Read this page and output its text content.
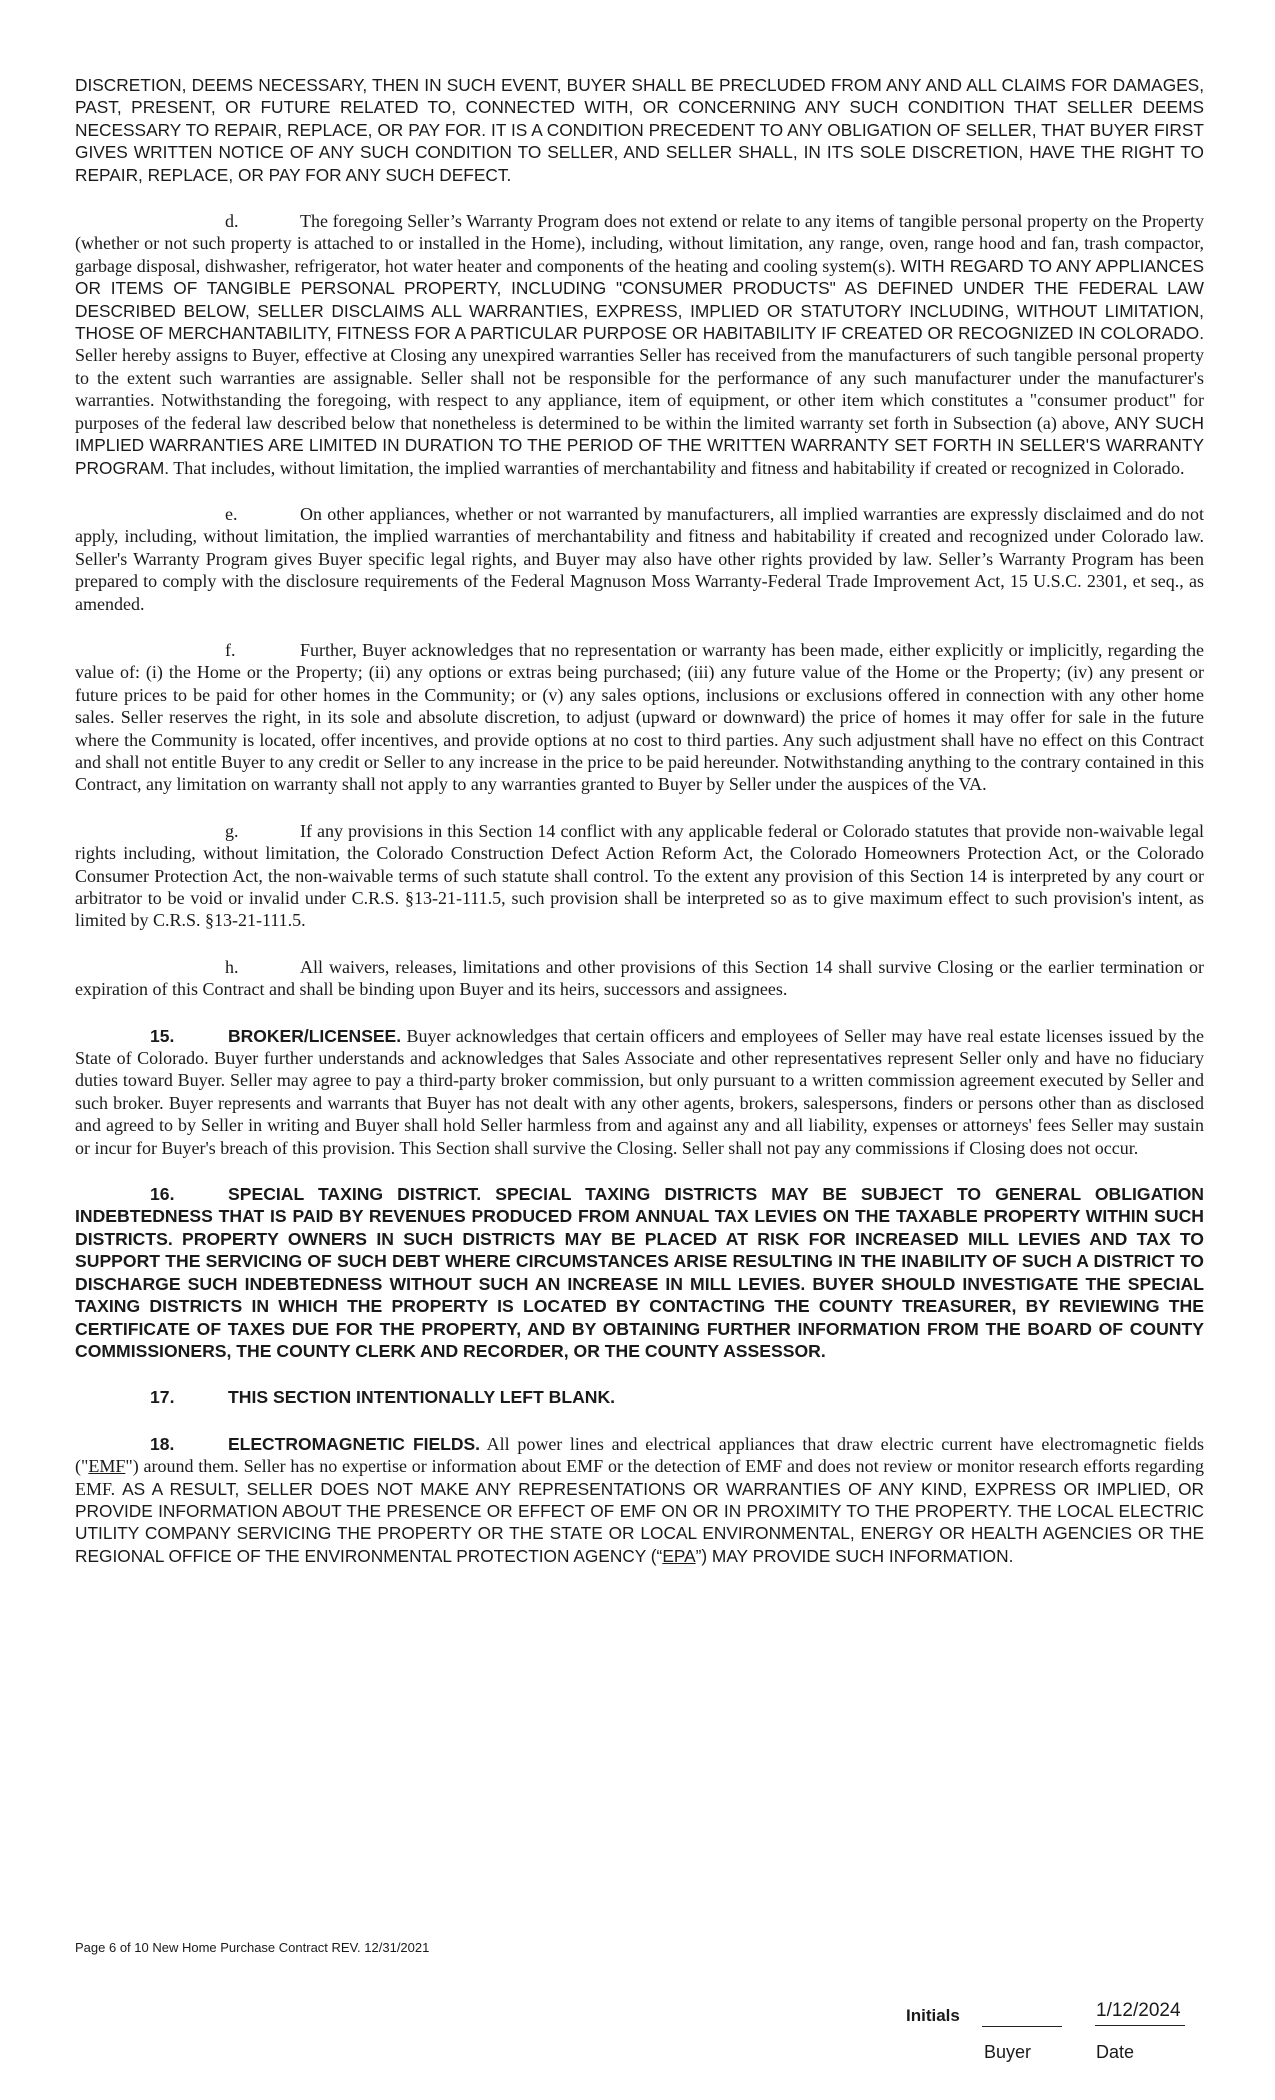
DISCRETION, DEEMS NECESSARY, THEN IN SUCH EVENT, BUYER SHALL BE PRECLUDED FROM ANY AND ALL CLAIMS FOR DAMAGES, PAST, PRESENT, OR FUTURE RELATED TO, CONNECTED WITH, OR CONCERNING ANY SUCH CONDITION THAT SELLER DEEMS NECESSARY TO REPAIR, REPLACE, OR PAY FOR. IT IS A CONDITION PRECEDENT TO ANY OBLIGATION OF SELLER, THAT BUYER FIRST GIVES WRITTEN NOTICE OF ANY SUCH CONDITION TO SELLER, AND SELLER SHALL, IN ITS SOLE DISCRETION, HAVE THE RIGHT TO REPAIR, REPLACE, OR PAY FOR ANY SUCH DEFECT.

d.	The foregoing Seller’s Warranty Program does not extend or relate to any items of tangible personal property on the Property (whether or not such property is attached to or installed in the Home), including, without limitation, any range, oven, range hood and fan, trash compactor, garbage disposal, dishwasher, refrigerator, hot water heater and components of the heating and cooling system(s). WITH REGARD TO ANY APPLIANCES OR ITEMS OF TANGIBLE PERSONAL PROPERTY, INCLUDING "CONSUMER PRODUCTS" AS DEFINED UNDER THE FEDERAL LAW DESCRIBED BELOW, SELLER DISCLAIMS ALL WARRANTIES, EXPRESS, IMPLIED OR STATUTORY INCLUDING, WITHOUT LIMITATION, THOSE OF MERCHANTABILITY, FITNESS FOR A PARTICULAR PURPOSE OR HABITABILITY IF CREATED OR RECOGNIZED IN COLORADO. Seller hereby assigns to Buyer, effective at Closing any unexpired warranties Seller has received from the manufacturers of such tangible personal property to the extent such warranties are assignable. Seller shall not be responsible for the performance of any such manufacturer under the manufacturer's warranties. Notwithstanding the foregoing, with respect to any appliance, item of equipment, or other item which constitutes a "consumer product" for purposes of the federal law described below that nonetheless is determined to be within the limited warranty set forth in Subsection (a) above, ANY SUCH IMPLIED WARRANTIES ARE LIMITED IN DURATION TO THE PERIOD OF THE WRITTEN WARRANTY SET FORTH IN SELLER'S WARRANTY PROGRAM. That includes, without limitation, the implied warranties of merchantability and fitness and habitability if created or recognized in Colorado.

e.	On other appliances, whether or not warranted by manufacturers, all implied warranties are expressly disclaimed and do not apply, including, without limitation, the implied warranties of merchantability and fitness and habitability if created and recognized under Colorado law. Seller's Warranty Program gives Buyer specific legal rights, and Buyer may also have other rights provided by law. Seller’s Warranty Program has been prepared to comply with the disclosure requirements of the Federal Magnuson Moss Warranty-Federal Trade Improvement Act, 15 U.S.C. 2301, et seq., as amended.

f.	Further, Buyer acknowledges that no representation or warranty has been made, either explicitly or implicitly, regarding the value of: (i) the Home or the Property; (ii) any options or extras being purchased; (iii) any future value of the Home or the Property; (iv) any present or future prices to be paid for other homes in the Community; or (v) any sales options, inclusions or exclusions offered in connection with any other home sales. Seller reserves the right, in its sole and absolute discretion, to adjust (upward or downward) the price of homes it may offer for sale in the future where the Community is located, offer incentives, and provide options at no cost to third parties. Any such adjustment shall have no effect on this Contract and shall not entitle Buyer to any credit or Seller to any increase in the price to be paid hereunder. Notwithstanding anything to the contrary contained in this Contract, any limitation on warranty shall not apply to any warranties granted to Buyer by Seller under the auspices of the VA.

g.	If any provisions in this Section 14 conflict with any applicable federal or Colorado statutes that provide non-waivable legal rights including, without limitation, the Colorado Construction Defect Action Reform Act, the Colorado Homeowners Protection Act, or the Colorado Consumer Protection Act, the non-waivable terms of such statute shall control. To the extent any provision of this Section 14 is interpreted by any court or arbitrator to be void or invalid under C.R.S. §13-21-111.5, such provision shall be interpreted so as to give maximum effect to such provision's intent, as limited by C.R.S. §13-21-111.5.

h.	All waivers, releases, limitations and other provisions of this Section 14 shall survive Closing or the earlier termination or expiration of this Contract and shall be binding upon Buyer and its heirs, successors and assignees.

15.	BROKER/LICENSEE. Buyer acknowledges that certain officers and employees of Seller may have real estate licenses issued by the State of Colorado. Buyer further understands and acknowledges that Sales Associate and other representatives represent Seller only and have no fiduciary duties toward Buyer. Seller may agree to pay a third-party broker commission, but only pursuant to a written commission agreement executed by Seller and such broker. Buyer represents and warrants that Buyer has not dealt with any other agents, brokers, salespersons, finders or persons other than as disclosed and agreed to by Seller in writing and Buyer shall hold Seller harmless from and against any and all liability, expenses or attorneys' fees Seller may sustain or incur for Buyer's breach of this provision. This Section shall survive the Closing. Seller shall not pay any commissions if Closing does not occur.

16.	SPECIAL TAXING DISTRICT. SPECIAL TAXING DISTRICTS MAY BE SUBJECT TO GENERAL OBLIGATION INDEBTEDNESS THAT IS PAID BY REVENUES PRODUCED FROM ANNUAL TAX LEVIES ON THE TAXABLE PROPERTY WITHIN SUCH DISTRICTS. PROPERTY OWNERS IN SUCH DISTRICTS MAY BE PLACED AT RISK FOR INCREASED MILL LEVIES AND TAX TO SUPPORT THE SERVICING OF SUCH DEBT WHERE CIRCUMSTANCES ARISE RESULTING IN THE INABILITY OF SUCH A DISTRICT TO DISCHARGE SUCH INDEBTEDNESS WITHOUT SUCH AN INCREASE IN MILL LEVIES. BUYER SHOULD INVESTIGATE THE SPECIAL TAXING DISTRICTS IN WHICH THE PROPERTY IS LOCATED BY CONTACTING THE COUNTY TREASURER, BY REVIEWING THE CERTIFICATE OF TAXES DUE FOR THE PROPERTY, AND BY OBTAINING FURTHER INFORMATION FROM THE BOARD OF COUNTY COMMISSIONERS, THE COUNTY CLERK AND RECORDER, OR THE COUNTY ASSESSOR.

17.	THIS SECTION INTENTIONALLY LEFT BLANK.

18.	ELECTROMAGNETIC FIELDS. All power lines and electrical appliances that draw electric current have electromagnetic fields ("EMF") around them. Seller has no expertise or information about EMF or the detection of EMF and does not review or monitor research efforts regarding EMF. AS A RESULT, SELLER DOES NOT MAKE ANY REPRESENTATIONS OR WARRANTIES OF ANY KIND, EXPRESS OR IMPLIED, OR PROVIDE INFORMATION ABOUT THE PRESENCE OR EFFECT OF EMF ON OR IN PROXIMITY TO THE PROPERTY. THE LOCAL ELECTRIC UTILITY COMPANY SERVICING THE PROPERTY OR THE STATE OR LOCAL ENVIRONMENTAL, ENERGY OR HEALTH AGENCIES OR THE REGIONAL OFFICE OF THE ENVIRONMENTAL PROTECTION AGENCY (“EPA”) MAY PROVIDE SUCH INFORMATION.

Page 6 of 10 New Home Purchase Contract REV. 12/31/2021
Initials	1/12/2024
Buyer	Date
